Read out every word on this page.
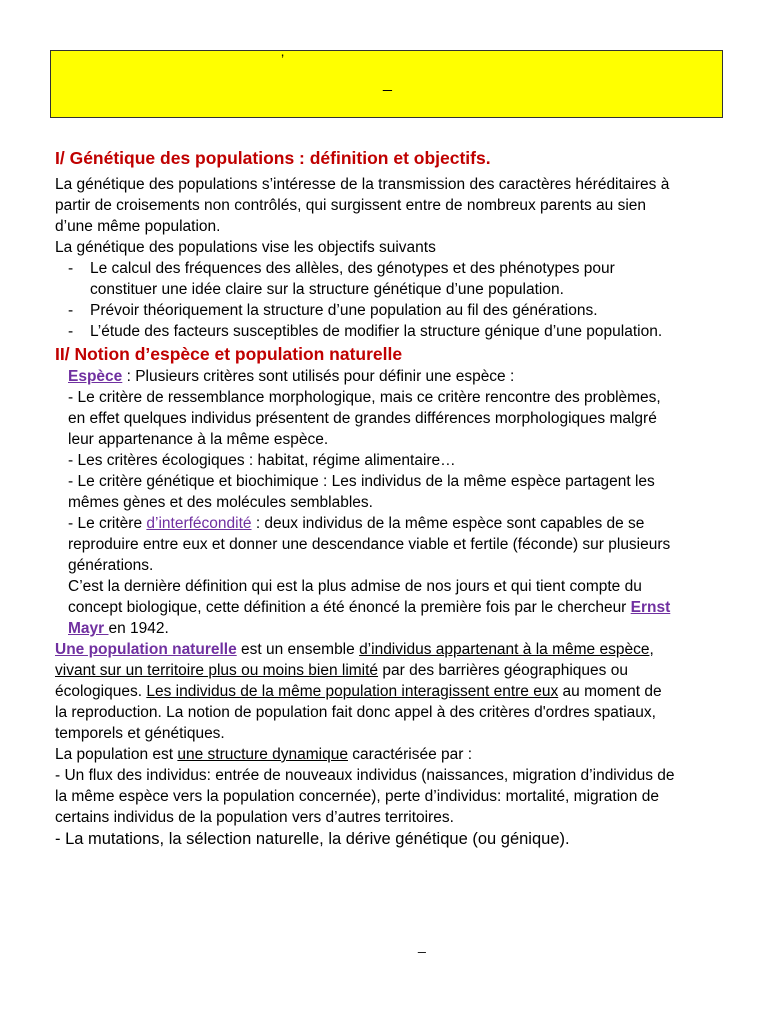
’
_
I/ Génétique des populations : définition et objectifs.

La génétique des populations s’intéresse de la transmission des caractères héréditaires à

partir de croisements non contrôlés, qui surgissent entre de nombreux parents au sien

d’une même population.

La génétique des populations vise les objectifs suivants

- Le calcul des fréquences des allèles, des génotypes et des phénotypes pour
constituer une idée claire sur la structure génétique d’une population.
- Prévoir théoriquement la structure d’une population au fil des générations.
- L’étude des facteurs susceptibles de modifier la structure génique d’une population.
II/ Notion d’espèce et population naturelle

Espèce : Plusieurs critères sont utilisés pour définir une espèce :

- Le critère de ressemblance morphologique, mais ce critère rencontre des problèmes,

en effet quelques individus présentent de grandes différences morphologiques malgré

leur appartenance à la même espèce.

- Les critères écologiques : habitat, régime alimentaire…

- Le critère génétique et biochimique : Les individus de la même espèce partagent les

mêmes gènes et des molécules semblables.

- Le critère d’interfécondité : deux individus de la même espèce sont capables de se

reproduire entre eux et donner une descendance viable et fertile (féconde) sur plusieurs

générations.

C’est la dernière définition qui est la plus admise de nos jours et qui tient compte du

concept biologique, cette définition a été énoncé la première fois par le chercheur Ernst

Mayr en 1942.

Une population naturelle est un ensemble d’individus appartenant à la même espèce,

vivant sur un territoire plus ou moins bien limité par des barrières géographiques ou

écologiques. Les individus de la même population interagissent entre eux au moment de

la reproduction. La notion de population fait donc appel à des critères d'ordres spatiaux,

temporels et génétiques.

La population est une structure dynamique caractérisée par :

- Un flux des individus: entrée de nouveaux individus (naissances, migration d’individus de

la même espèce vers la population concernée), perte d’individus: mortalité, migration de

certains individus de la population vers d’autres territoires.

- La mutations, la sélection naturelle, la dérive génétique (ou génique).

_
